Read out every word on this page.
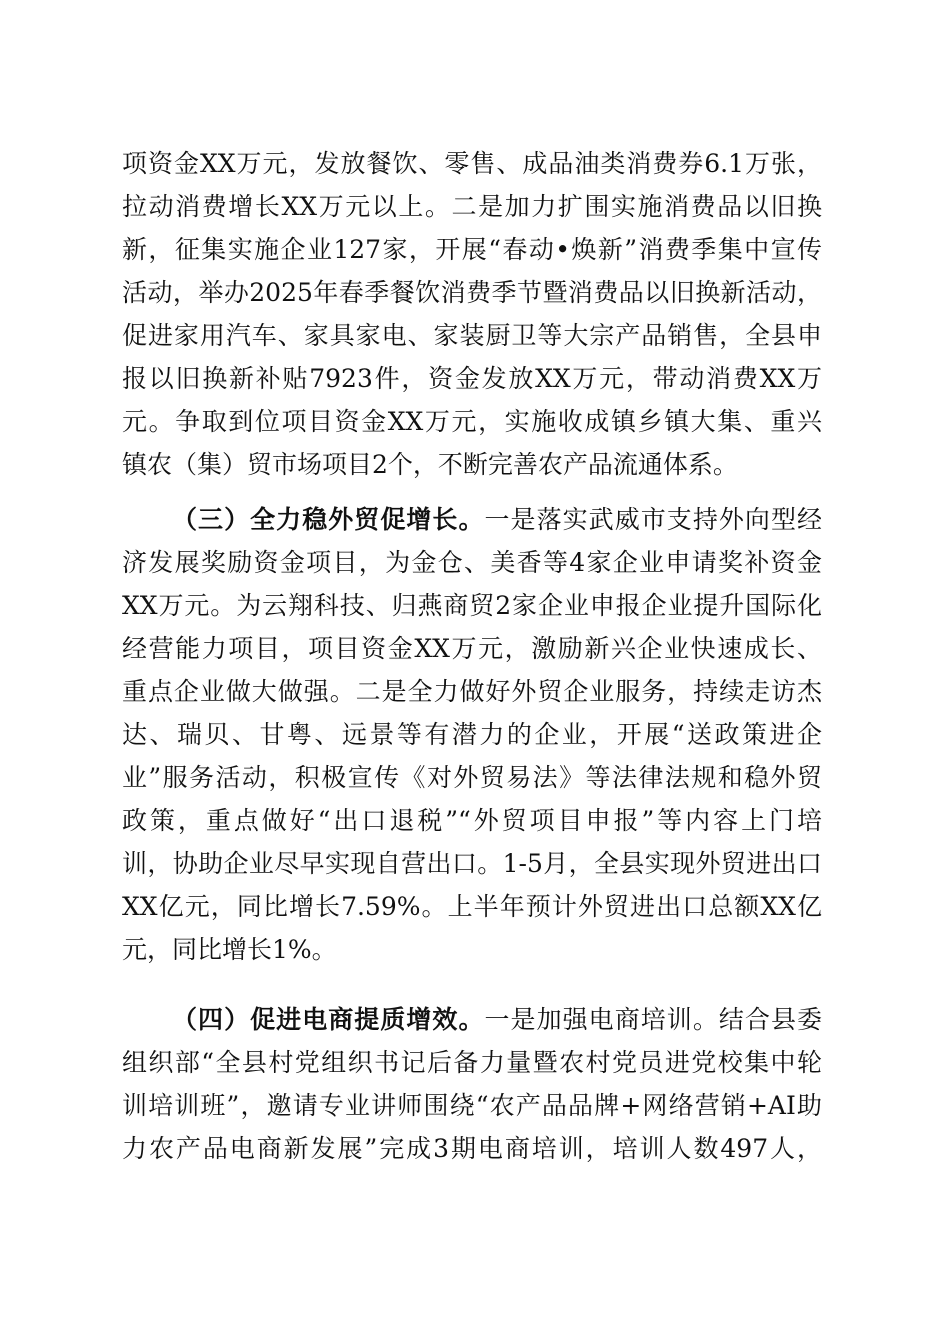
项资金XX万元，发放餐饮、零售、成品油类消费券6.1万张，
拉动消费增长XX万元以上。二是加力扩围实施消费品以旧换
新，征集实施企业127家，开展“春动•焕新”消费季集中宣传
活动，举办2025年春季餐饮消费季节暨消费品以旧换新活动，
促进家用汽车、家具家电、家装厨卫等大宗产品销售，全县申
报以旧换新补贴7923件，资金发放XX万元，带动消费XX万
元。争取到位项目资金XX万元，实施收成镇乡镇大集、重兴
镇农（集）贸市场项目2个，不断完善农产品流通体系。
（三）全力稳外贸促增长。一是落实武威市支持外向型经
济发展奖励资金项目，为金仓、美香等4家企业申请奖补资金
XX万元。为云翔科技、归燕商贸2家企业申报企业提升国际化
经营能力项目，项目资金XX万元，激励新兴企业快速成长、
重点企业做大做强。二是全力做好外贸企业服务，持续走访杰
达、瑞贝、甘粤、远景等有潜力的企业，开展“送政策进企
业”服务活动，积极宣传《对外贸易法》等法律法规和稳外贸
政策，重点做好“出口退税”“外贸项目申报”等内容上门培
训，协助企业尽早实现自营出口。1-5月，全县实现外贸进出口
XX亿元，同比增长7.59%。上半年预计外贸进出口总额XX亿
元，同比增长1%。
（四）促进电商提质增效。一是加强电商培训。结合县委
组织部“全县村党组织书记后备力量暨农村党员进党校集中轮
训培训班”，邀请专业讲师围绕“农产品品牌+网络营销+AI助
力农产品电商新发展”完成3期电商培训，培训人数497人，
